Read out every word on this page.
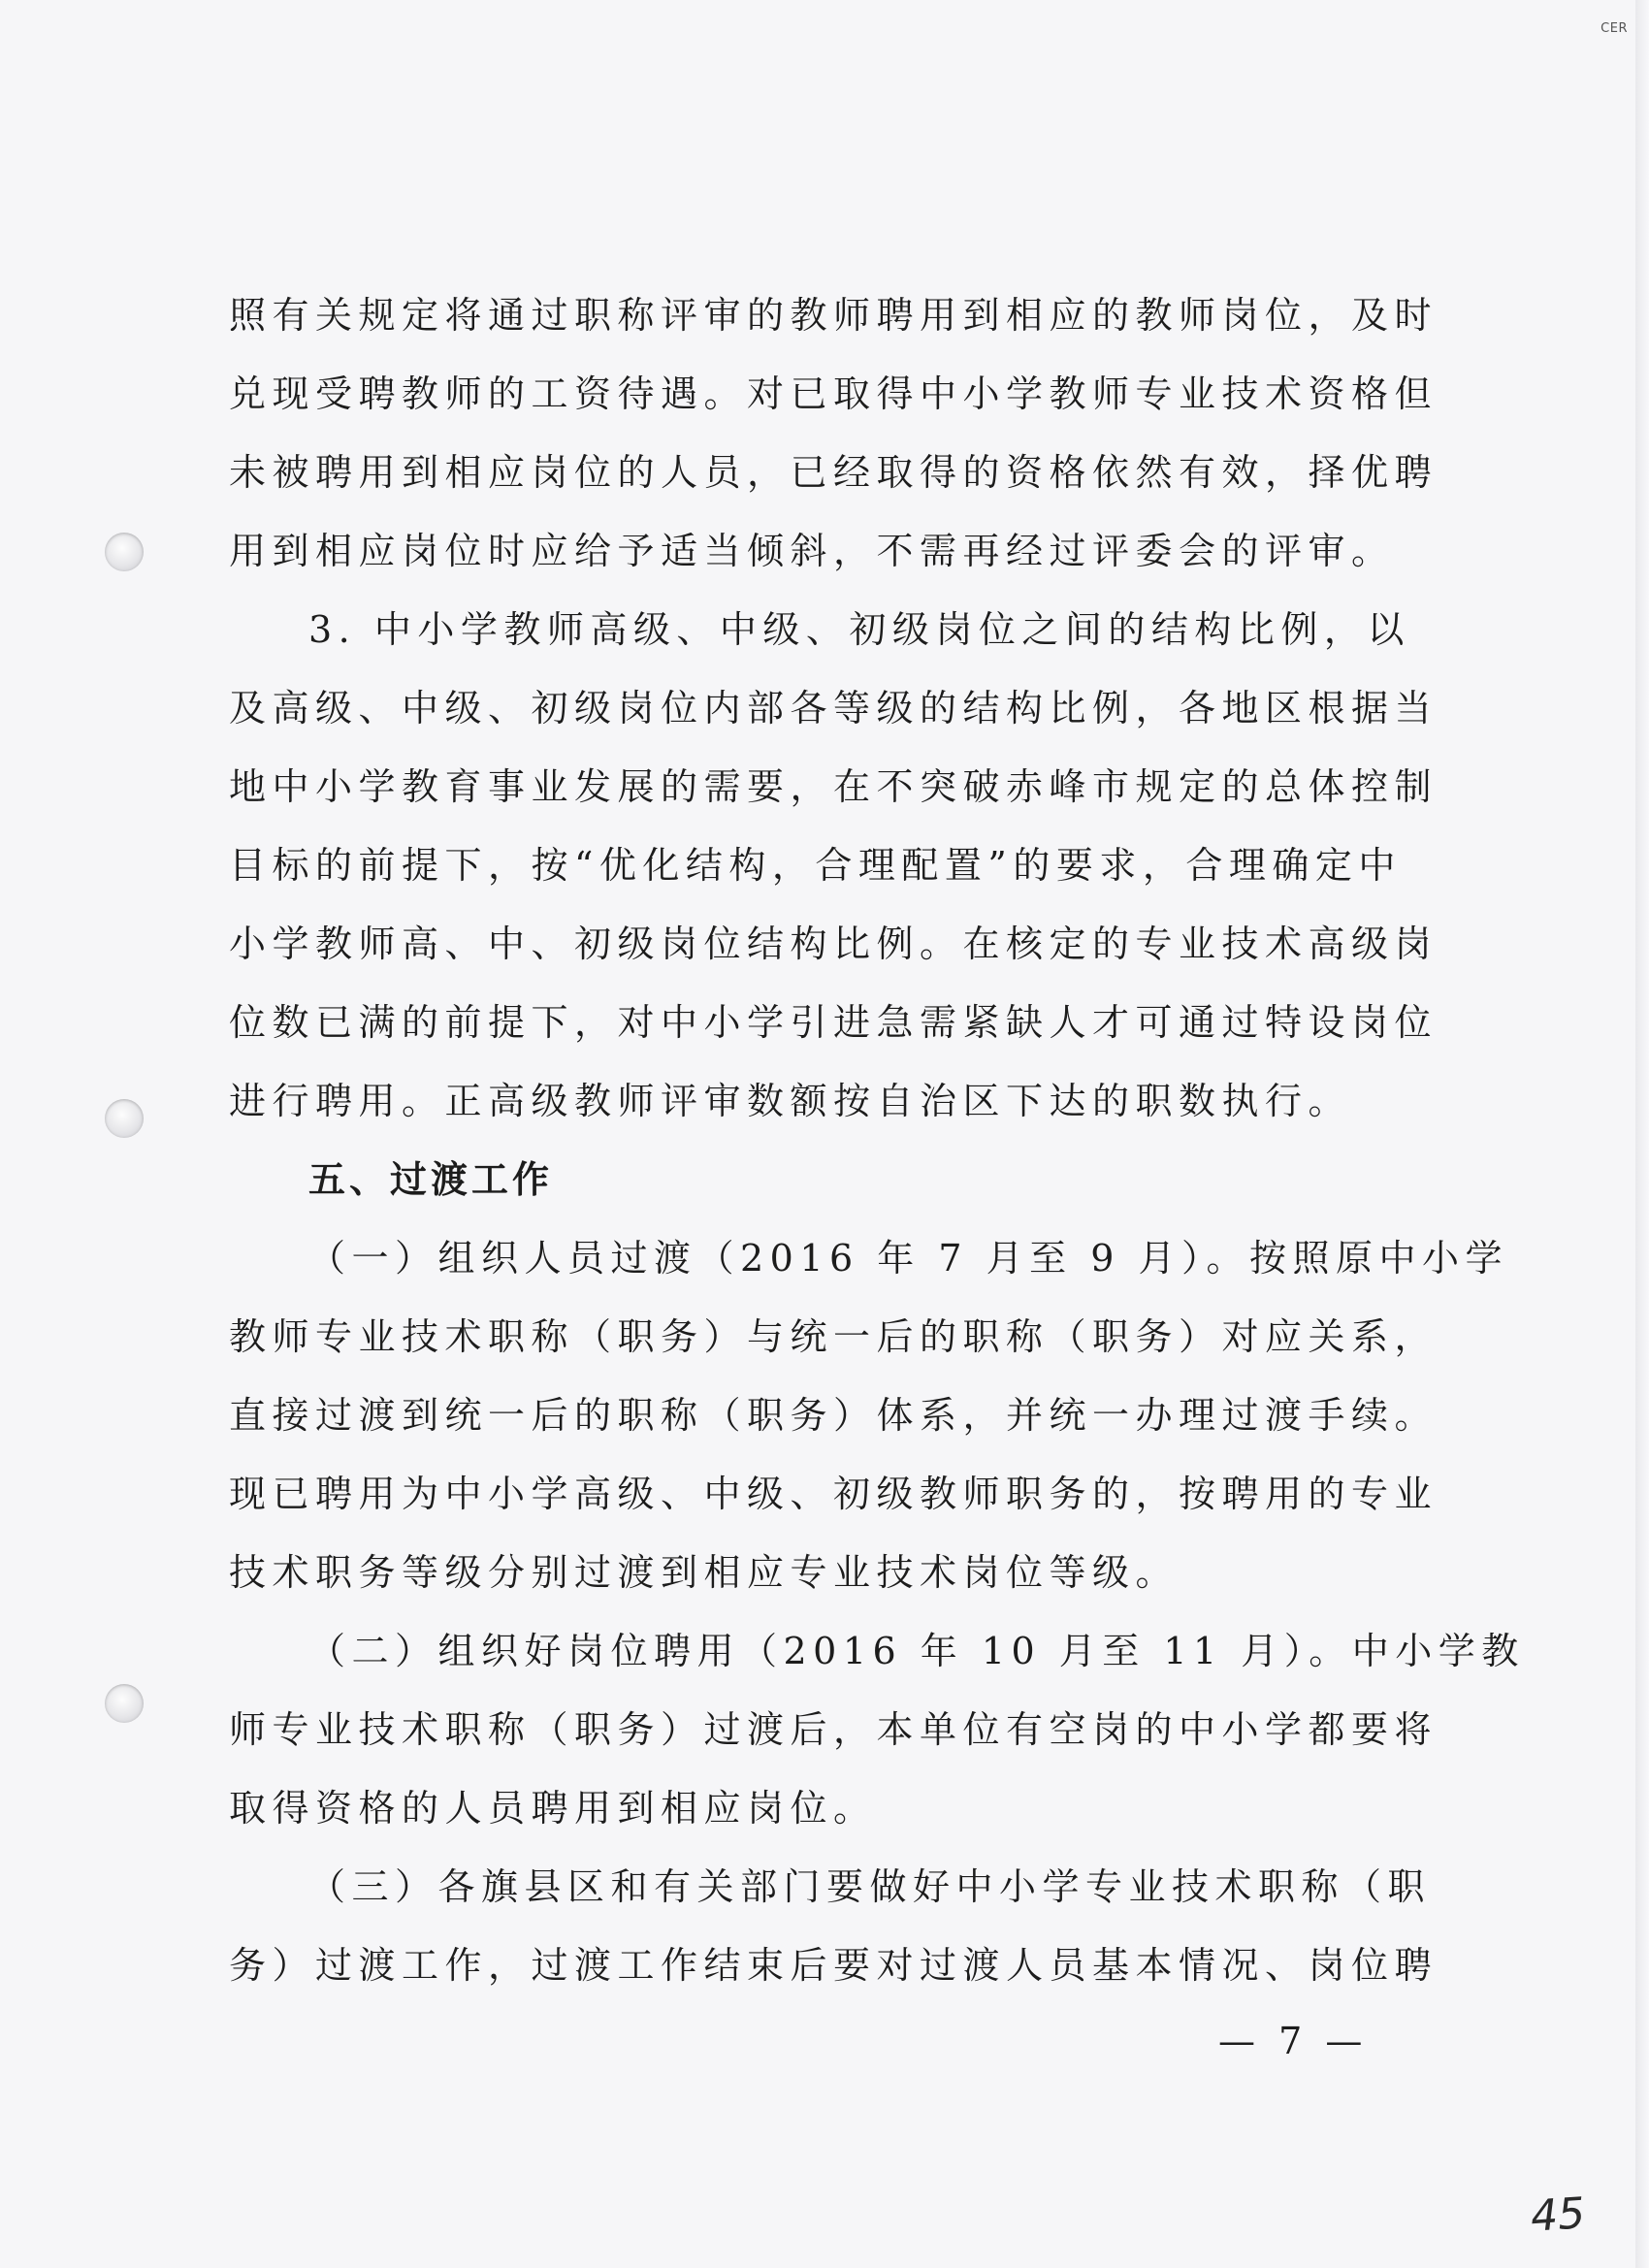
CER
照有关规定将通过职称评审的教师聘用到相应的教师岗位，及时
兑现受聘教师的工资待遇。对已取得中小学教师专业技术资格但
未被聘用到相应岗位的人员，已经取得的资格依然有效，择优聘
用到相应岗位时应给予适当倾斜，不需再经过评委会的评审。
3. 中小学教师高级、中级、初级岗位之间的结构比例，以
及高级、中级、初级岗位内部各等级的结构比例，各地区根据当
地中小学教育事业发展的需要，在不突破赤峰市规定的总体控制
目标的前提下，按“优化结构，合理配置”的要求，合理确定中
小学教师高、中、初级岗位结构比例。在核定的专业技术高级岗
位数已满的前提下，对中小学引进急需紧缺人才可通过特设岗位
进行聘用。正高级教师评审数额按自治区下达的职数执行。
五、过渡工作
（一）组织人员过渡（2016 年 7 月至 9 月）。按照原中小学
教师专业技术职称（职务）与统一后的职称（职务）对应关系，
直接过渡到统一后的职称（职务）体系，并统一办理过渡手续。
现已聘用为中小学高级、中级、初级教师职务的，按聘用的专业
技术职务等级分别过渡到相应专业技术岗位等级。
（二）组织好岗位聘用（2016 年 10 月至 11 月）。中小学教
师专业技术职称（职务）过渡后，本单位有空岗的中小学都要将
取得资格的人员聘用到相应岗位。
（三）各旗县区和有关部门要做好中小学专业技术职称（职
务）过渡工作，过渡工作结束后要对过渡人员基本情况、岗位聘
— 7 —
45
